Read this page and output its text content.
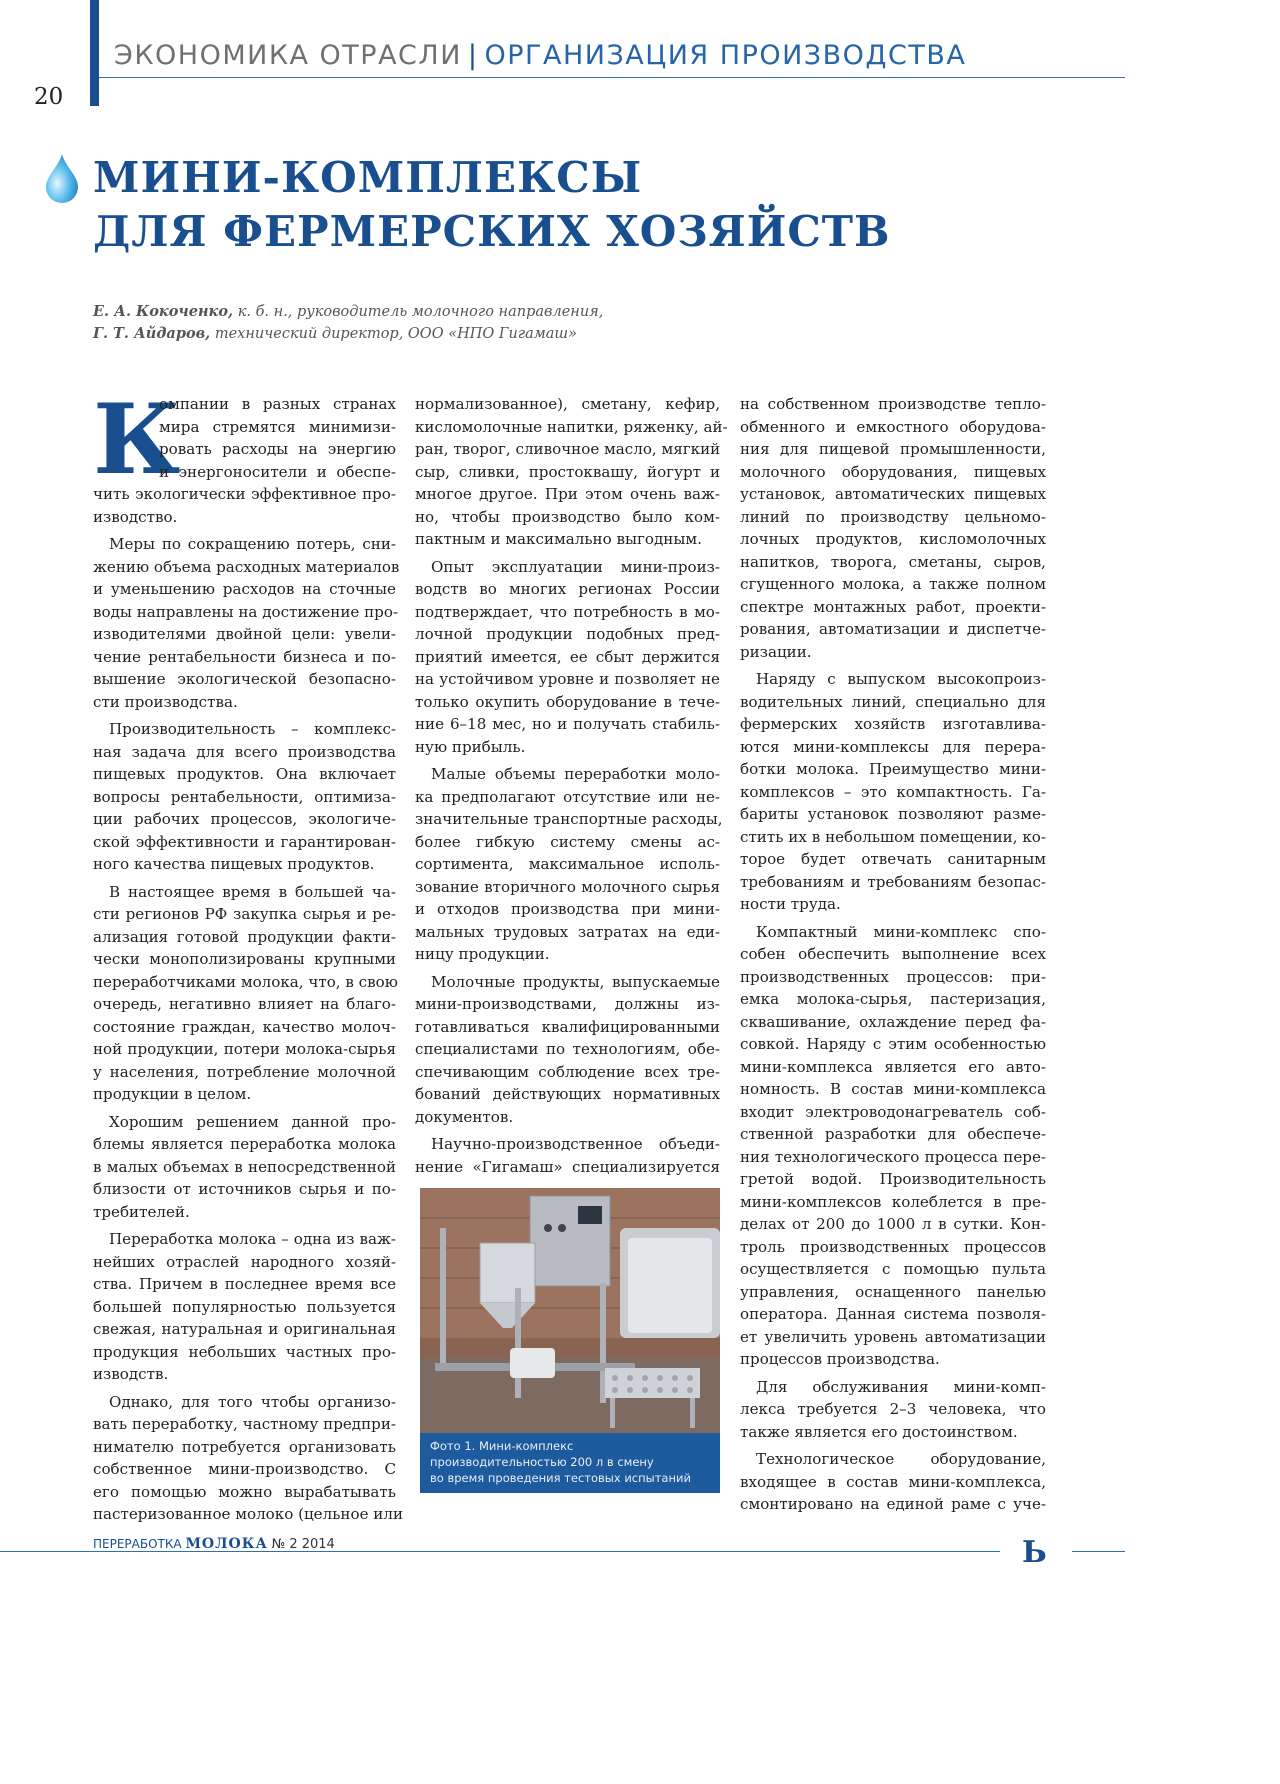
ЭКОНОМИКА ОТРАСЛИ | ОРГАНИЗАЦИЯ ПРОИЗВОДСТВА
20
МИНИ-КОМПЛЕКСЫ
ДЛЯ ФЕРМЕРСКИХ ХОЗЯЙСТВ
Е. А. Кокоченко, к. б. н., руководитель молочного направления,
Г. Т. Айдаров, технический директор, ООО «НПО Гигамаш»
К
омпании в разных странах
мира стремятся минимизи-
ровать расходы на энергию
и энергоносители и обеспе-
чить экологически эффективное про-
изводство.
Меры по сокращению потерь, сни-
жению объема расходных материалов
и уменьшению расходов на сточные
воды направлены на достижение про-
изводителями двойной цели: увели-
чение рентабельности бизнеса и по-
вышение экологической безопасно-
сти производства.
Производительность – комплекс-
ная задача для всего производства
пищевых продуктов. Она включает
вопросы рентабельности, оптимиза-
ции рабочих процессов, экологиче-
ской эффективности и гарантирован-
ного качества пищевых продуктов.
В настоящее время в большей ча-
сти регионов РФ закупка сырья и ре-
ализация готовой продукции факти-
чески монополизированы крупными
переработчиками молока, что, в свою
очередь, негативно влияет на благо-
состояние граждан, качество молоч-
ной продукции, потери молока-сырья
у населения, потребление молочной
продукции в целом.
Хорошим решением данной про-
блемы является переработка молока
в малых объемах в непосредственной
близости от источников сырья и по-
требителей.
Переработка молока – одна из важ-
нейших отраслей народного хозяй-
ства. Причем в последнее время все
большей популярностью пользуется
свежая, натуральная и оригинальная
продукция небольших частных про-
изводств.
Однако, для того чтобы организо-
вать переработку, частному предпри-
нимателю потребуется организовать
собственное мини-производство. С
его помощью можно вырабатывать
пастеризованное молоко (цельное или
нормализованное), сметану, кефир,
кисломолочные напитки, ряженку, ай-
ран, творог, сливочное масло, мягкий
сыр, сливки, простоквашу, йогурт и
многое другое. При этом очень важ-
но, чтобы производство было ком-
пактным и максимально выгодным.
Опыт эксплуатации мини-произ-
водств во многих регионах России
подтверждает, что потребность в мо-
лочной продукции подобных пред-
приятий имеется, ее сбыт держится
на устойчивом уровне и позволяет не
только окупить оборудование в тече-
ние 6–18 мес, но и получать стабиль-
ную прибыль.
Малые объемы переработки моло-
ка предполагают отсутствие или не-
значительные транспортные расходы,
более гибкую систему смены ас-
сортимента, максимальное исполь-
зование вторичного молочного сырья
и отходов производства при мини-
мальных трудовых затратах на еди-
ницу продукции.
Молочные продукты, выпускаемые
мини-производствами, должны из-
готавливаться квалифицированными
специалистами по технологиям, обе-
спечивающим соблюдение всех тре-
бований действующих нормативных
документов.
Научно-производственное объеди-
нение «Гигамаш» специализируется
на собственном производстве тепло-
обменного и емкостного оборудова-
ния для пищевой промышленности,
молочного оборудования, пищевых
установок, автоматических пищевых
линий по производству цельномо-
лочных продуктов, кисломолочных
напитков, творога, сметаны, сыров,
сгущенного молока, а также полном
спектре монтажных работ, проекти-
рования, автоматизации и диспетче-
ризации.
Наряду с выпуском высокопроиз-
водительных линий, специально для
фермерских хозяйств изготавлива-
ются мини-комплексы для перера-
ботки молока. Преимущество мини-
комплексов – это компактность. Га-
бариты установок позволяют разме-
стить их в небольшом помещении, ко-
торое будет отвечать санитарным
требованиям и требованиям безопас-
ности труда.
Компактный мини-комплекс спо-
собен обеспечить выполнение всех
производственных процессов: при-
емка молока-сырья, пастеризация,
сквашивание, охлаждение перед фа-
совкой. Наряду с этим особенностью
мини-комплекса является его авто-
номность. В состав мини-комплекса
входит электроводонагреватель соб-
ственной разработки для обеспече-
ния технологического процесса пере-
гретой водой. Производительность
мини-комплексов колеблется в пре-
делах от 200 до 1000 л в сутки. Кон-
троль производственных процессов
осуществляется с помощью пульта
управления, оснащенного панелью
оператора. Данная система позволя-
ет увеличить уровень автоматизации
процессов производства.
Для обслуживания мини-комп-
лекса требуется 2–3 человека, что
также является его достоинством.
Технологическое оборудование,
входящее в состав мини-комплекса,
смонтировано на единой раме с уче-
Фото 1. Мини-комплекс
производительностью 200 л в смену
во время проведения тестовых испытаний
ПЕРЕРАБОТКА МОЛОКА № 2 2014	Ь
